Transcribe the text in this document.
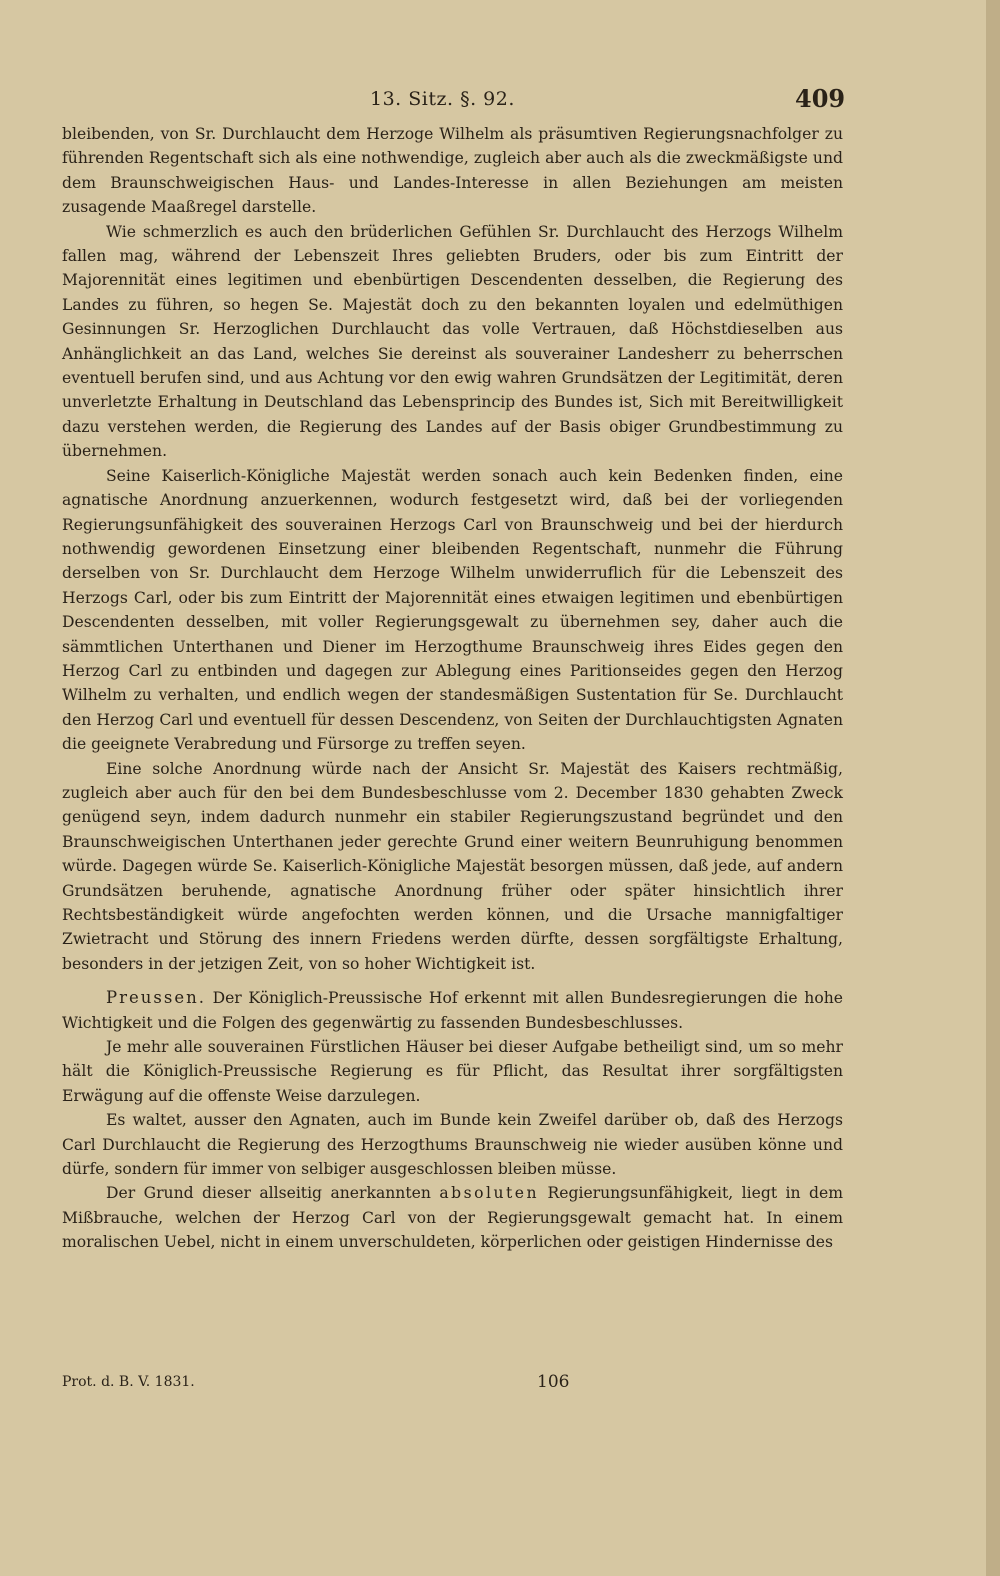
13. Sitz. §. 92.	409

bleibenden, von Sr. Durchlaucht dem Herzoge Wilhelm als präsumtiven Regierungsnachfolger zu führenden Regentschaft sich als eine nothwendige, zugleich aber auch als die zweckmäßigste und dem Braunschweigischen Haus- und Landes-Interesse in allen Beziehungen am meisten zusagende Maaßregel darstelle.

Wie schmerzlich es auch den brüderlichen Gefühlen Sr. Durchlaucht des Herzogs Wilhelm fallen mag, während der Lebenszeit Ihres geliebten Bruders, oder bis zum Eintritt der Majorennität eines legitimen und ebenbürtigen Descendenten desselben, die Regierung des Landes zu führen, so hegen Se. Majestät doch zu den bekannten loyalen und edelmüthigen Gesinnungen Sr. Herzoglichen Durchlaucht das volle Vertrauen, daß Höchstdieselben aus Anhänglichkeit an das Land, welches Sie dereinst als souverainer Landesherr zu beherrschen eventuell berufen sind, und aus Achtung vor den ewig wahren Grundsätzen der Legitimität, deren unverletzte Erhaltung in Deutschland das Lebensprincip des Bundes ist, Sich mit Bereitwilligkeit dazu verstehen werden, die Regierung des Landes auf der Basis obiger Grundbestimmung zu übernehmen.

Seine Kaiserlich-Königliche Majestät werden sonach auch kein Bedenken finden, eine agnatische Anordnung anzuerkennen, wodurch festgesetzt wird, daß bei der vorliegenden Regierungsunfähigkeit des souverainen Herzogs Carl von Braunschweig und bei der hierdurch nothwendig gewordenen Einsetzung einer bleibenden Regentschaft, nunmehr die Führung derselben von Sr. Durchlaucht dem Herzoge Wilhelm unwiderruflich für die Lebenszeit des Herzogs Carl, oder bis zum Eintritt der Majorennität eines etwaigen legitimen und ebenbürtigen Descendenten desselben, mit voller Regierungsgewalt zu übernehmen sey, daher auch die sämmtlichen Unterthanen und Diener im Herzogthume Braunschweig ihres Eides gegen den Herzog Carl zu entbinden und dagegen zur Ablegung eines Paritionseides gegen den Herzog Wilhelm zu verhalten, und endlich wegen der standesmäßigen Sustentation für Se. Durchlaucht den Herzog Carl und eventuell für dessen Descendenz, von Seiten der Durchlauchtigsten Agnaten die geeignete Verabredung und Fürsorge zu treffen seyen.

Eine solche Anordnung würde nach der Ansicht Sr. Majestät des Kaisers rechtmäßig, zugleich aber auch für den bei dem Bundesbeschlusse vom 2. December 1830 gehabten Zweck genügend seyn, indem dadurch nunmehr ein stabiler Regierungszustand begründet und den Braunschweigischen Unterthanen jeder gerechte Grund einer weitern Beunruhigung benommen würde. Dagegen würde Se. Kaiserlich-Königliche Majestät besorgen müssen, daß jede, auf andern Grundsätzen beruhende, agnatische Anordnung früher oder später hinsichtlich ihrer Rechtsbeständigkeit würde angefochten werden können, und die Ursache mannigfaltiger Zwietracht und Störung des innern Friedens werden dürfte, dessen sorgfältigste Erhaltung, besonders in der jetzigen Zeit, von so hoher Wichtigkeit ist.

Preussen. Der Königlich-Preussische Hof erkennt mit allen Bundesregierungen die hohe Wichtigkeit und die Folgen des gegenwärtig zu fassenden Bundesbeschlusses.

Je mehr alle souverainen Fürstlichen Häuser bei dieser Aufgabe betheiligt sind, um so mehr hält die Königlich-Preussische Regierung es für Pflicht, das Resultat ihrer sorgfältigsten Erwägung auf die offenste Weise darzulegen.

Es waltet, ausser den Agnaten, auch im Bunde kein Zweifel darüber ob, daß des Herzogs Carl Durchlaucht die Regierung des Herzogthums Braunschweig nie wieder ausüben könne und dürfe, sondern für immer von selbiger ausgeschlossen bleiben müsse.

Der Grund dieser allseitig anerkannten absoluten Regierungsunfähigkeit, liegt in dem Mißbrauche, welchen der Herzog Carl von der Regierungsgewalt gemacht hat. In einem moralischen Uebel, nicht in einem unverschuldeten, körperlichen oder geistigen Hindernisse des

Prot. d. B. V. 1831.	106
